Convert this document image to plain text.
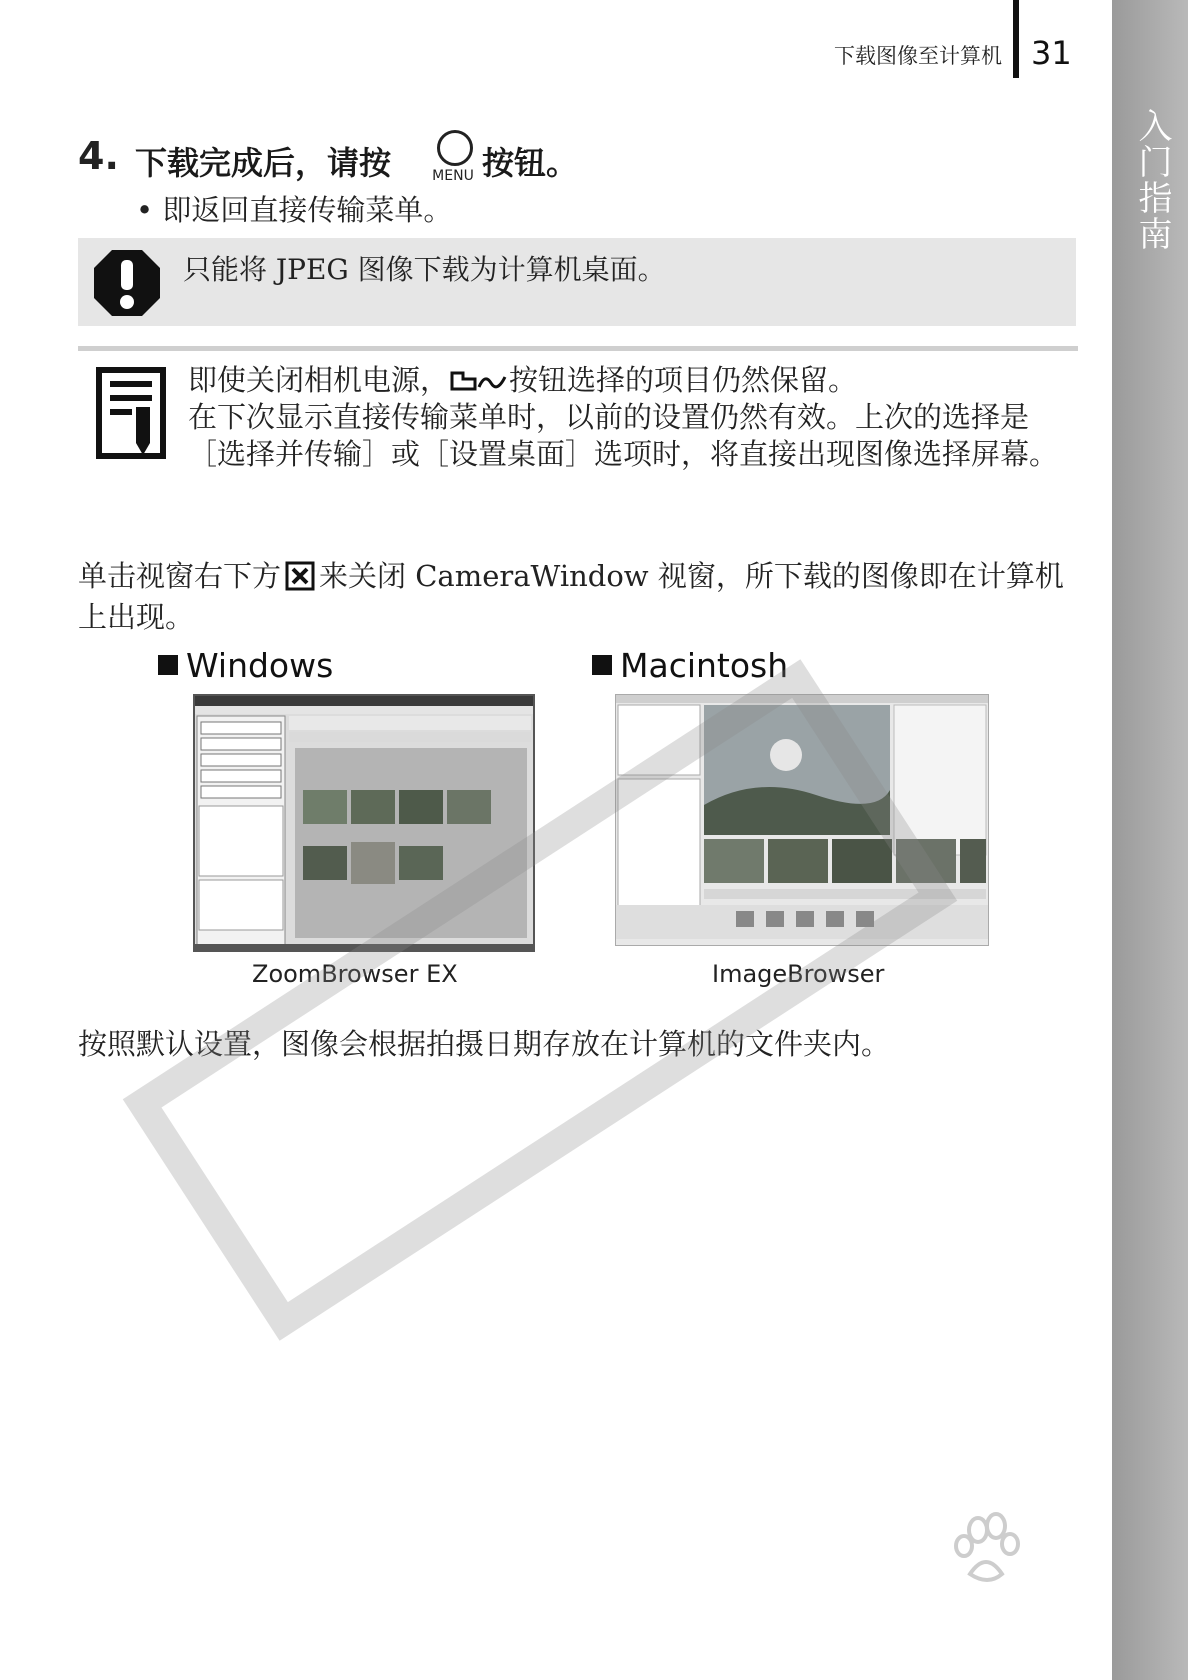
入门指南
下载图像至计算机 31
4. 下载完成后，请按	MENU 按钮。
• 即返回直接传输菜单。
只能将 JPEG 图像下载为计算机桌面。
即使关闭相机电源， 按钮选择的项目仍然保留。
在下次显示直接传输菜单时，以前的设置仍然有效。上次的选择是［选择并传输］或［设置桌面］选项时，将直接出现图像选择屏幕。
单击视窗右下方 来关闭 CameraWindow 视窗，所下载的图像即在计算机上出现。
Windows	Macintosh
ZoomBrowser EX	ImageBrowser
按照默认设置，图像会根据拍摄日期存放在计算机的文件夹内。
